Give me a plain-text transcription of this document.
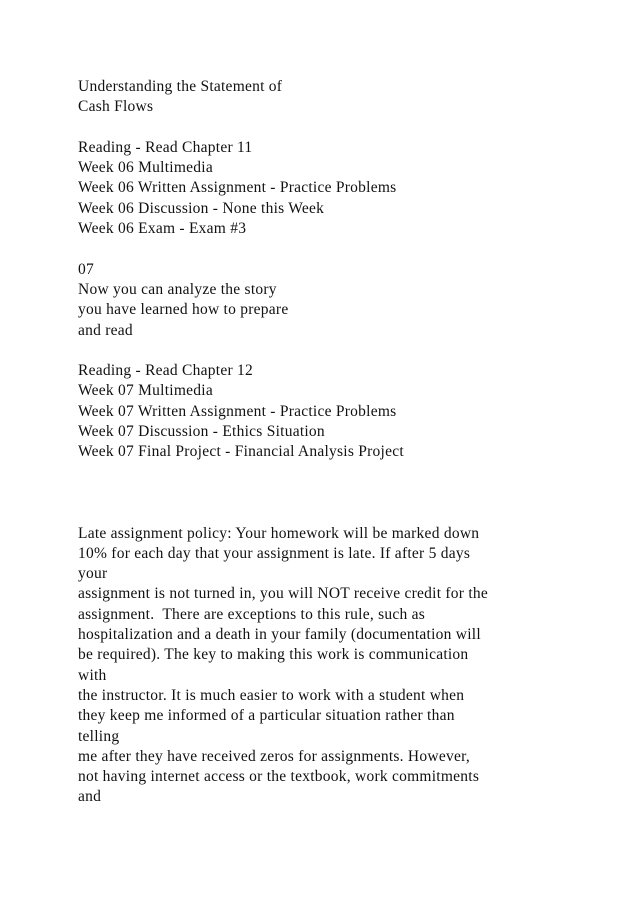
Understanding the Statement of
Cash Flows
Reading - Read Chapter 11
Week 06 Multimedia
Week 06 Written Assignment - Practice Problems
Week 06 Discussion - None this Week
Week 06 Exam - Exam #3
07
Now you can analyze the story
you have learned how to prepare
and read
Reading - Read Chapter 12
Week 07 Multimedia
Week 07 Written Assignment - Practice Problems
Week 07 Discussion - Ethics Situation
Week 07 Final Project - Financial Analysis Project
Late assignment policy: Your homework will be marked down
10% for each day that your assignment is late. If after 5 days
your
assignment is not turned in, you will NOT receive credit for the
assignment.  There are exceptions to this rule, such as
hospitalization and a death in your family (documentation will
be required). The key to making this work is communication
with
the instructor. It is much easier to work with a student when
they keep me informed of a particular situation rather than
telling
me after they have received zeros for assignments. However,
not having internet access or the textbook, work commitments
and
